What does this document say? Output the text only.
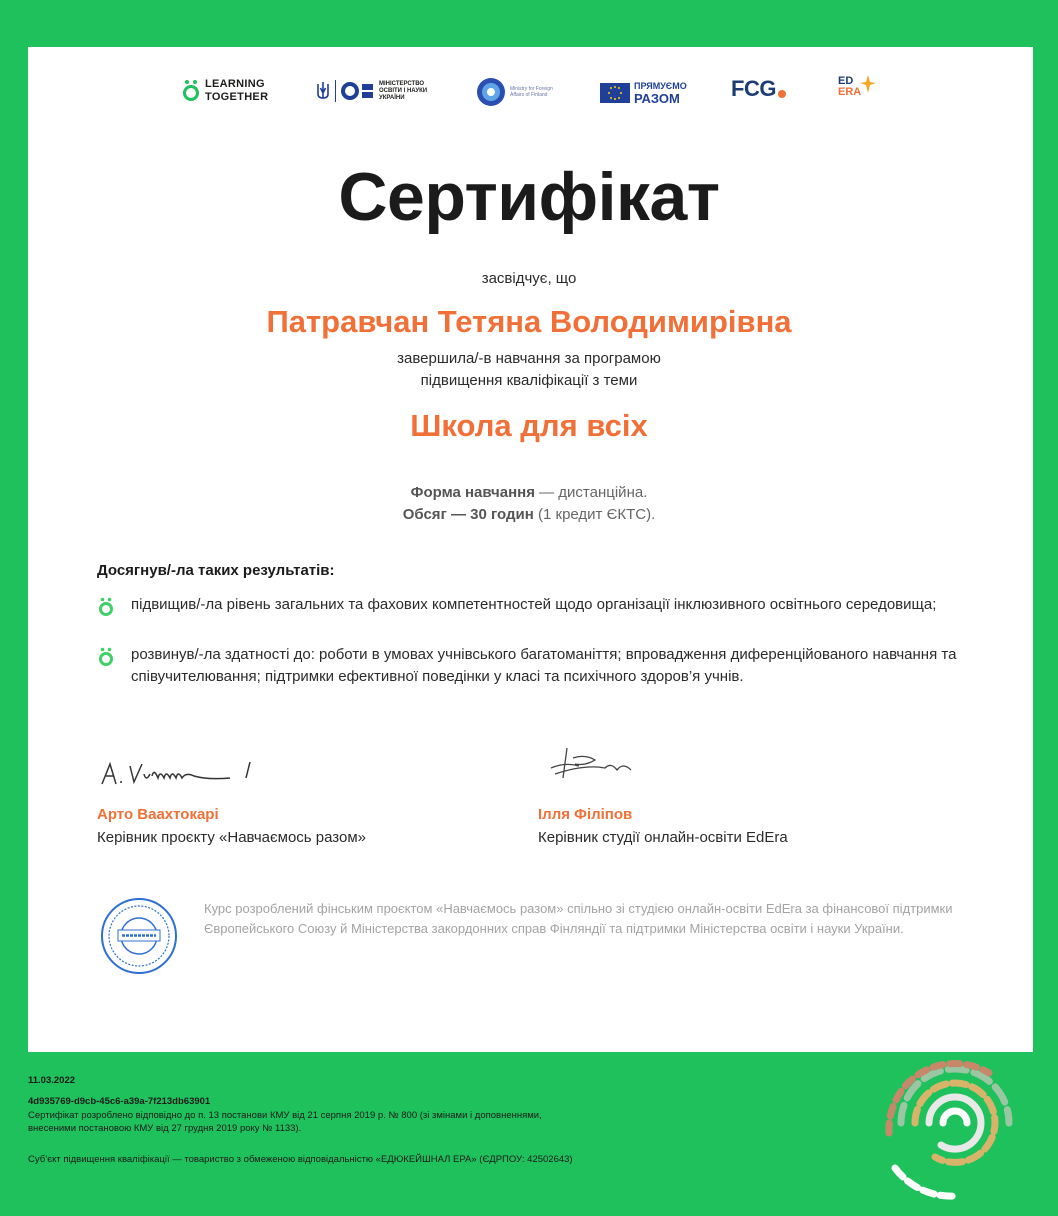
LEARNING
TOGETHER
МІНІСТЕРСТВО
ОСВІТИ І НАУКИ
УКРАЇНИ
Ministry for Foreign
Affairs of Finland
ПРЯМУЄМО
РАЗОМ	FCG	ED
ERA
Сертифікат
засвідчує, що
Патравчан Тетяна Володимирівна
завершила/-в навчання за програмою
підвищення кваліфікації з теми
Школа для всіх
Форма навчання — дистанційна.
Обсяг — 30 годин (1 кредит ЄКТС).
Досягнув/-ла таких результатів:
підвищив/-ла рівень загальних та фахових компетентностей щодо організації інклюзивного освітнього середовища;
розвинув/-ла здатності до: роботи в умовах учнівського багатоманіття; впровадження диференційованого навчання та співучителювання; підтримки ефективної поведінки у класі та психічного здоров’я учнів.
Арто Ваахтокарі
Керівник проєкту «Навчаємось разом»
Ілля Філіпов
Керівник студії онлайн-освіти EdEra
Курс розроблений фінським проєктом «Навчаємось разом» спільно зі студією онлайн-освіти EdEra за фінансової підтримки Європейського Союзу й Міністерства закордонних справ Фінляндії та підтримки Міністерства освіти і науки України.
11.03.2022
4d935769-d9cb-45c6-a39a-7f213db63901
Сертифікат розроблено відповідно до п. 13 постанови КМУ від 21 серпня 2019 р. № 800 (зі змінами і доповненнями,
внесеними постановою КМУ від 27 грудня 2019 року № 1133).
Суб’єкт підвищення кваліфікації — товариство з обмеженою відповідальністю «ЕДЮКЕЙШНАЛ ЕРА» (ЄДРПОУ: 42502643)
